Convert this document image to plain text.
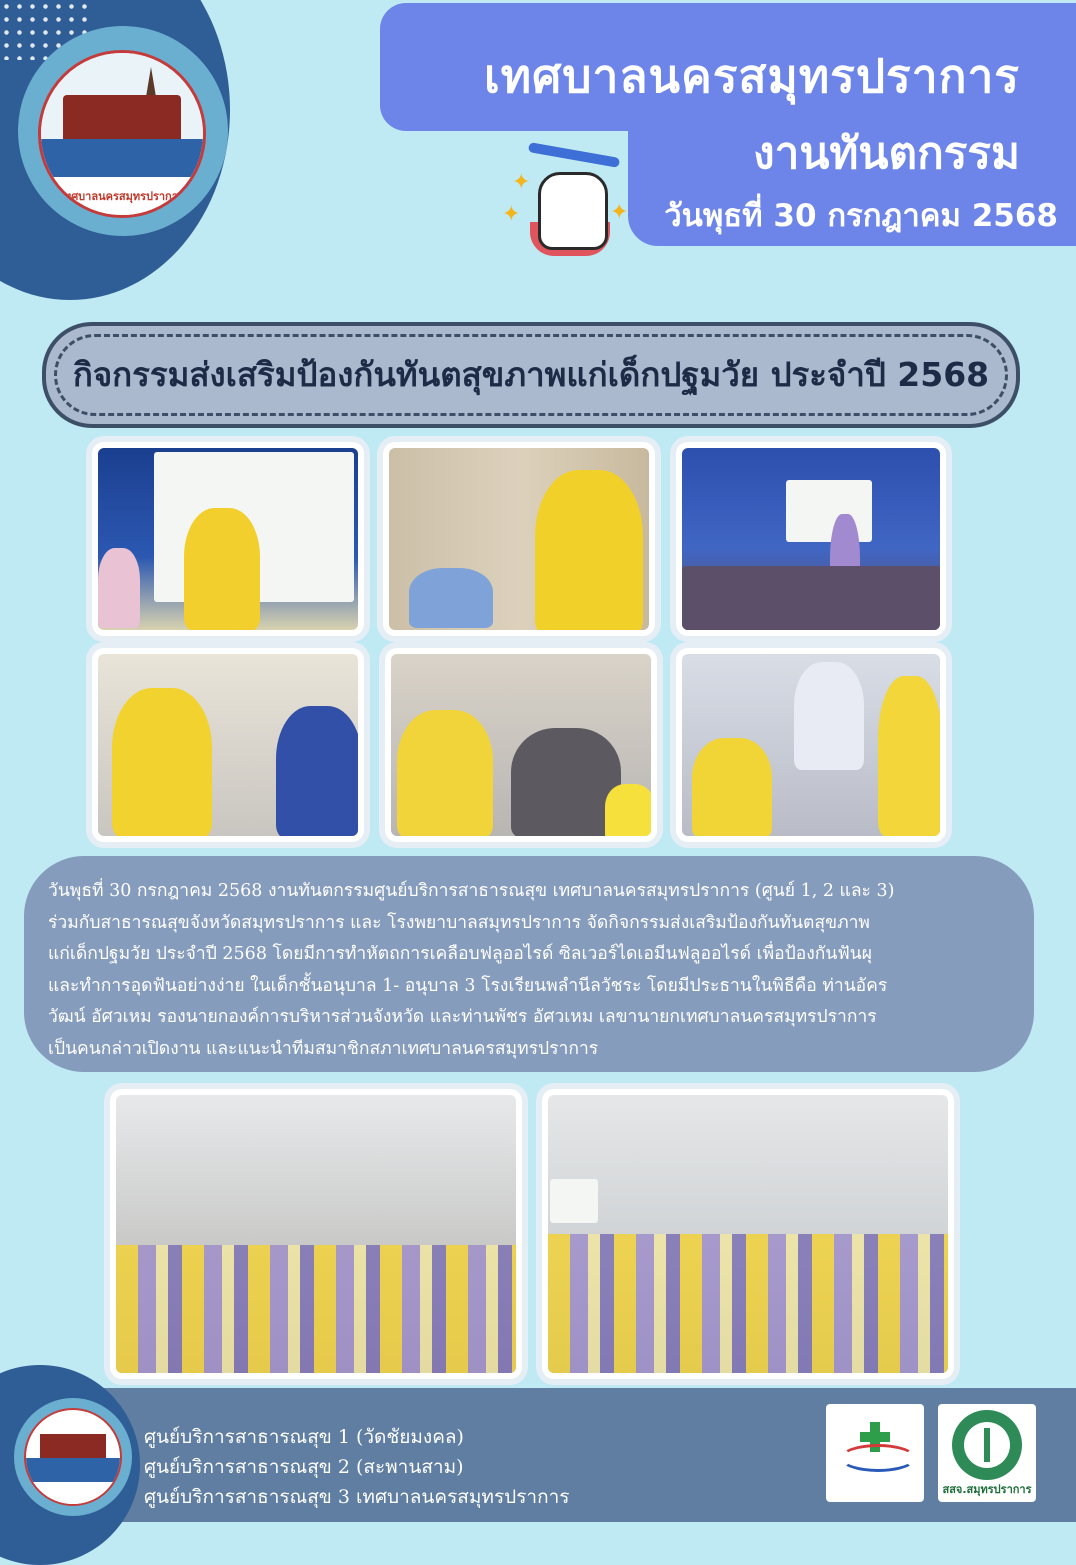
เทศบาลนครสมุทรปราการ
เทศบาลนครสมุทรปราการ
งานทันตกรรม
วันพุธที่ 30 กรกฎาคม 2568
✦
✦	✦
กิจกรรมส่งเสริมป้องกันทันตสุขภาพแก่เด็กปฐมวัย ประจำปี 2568
วันพุธที่ 30 กรกฎาคม 2568 งานทันตกรรมศูนย์บริการสาธารณสุข เทศบาลนครสมุทรปราการ (ศูนย์ 1, 2 และ 3)
ร่วมกับสาธารณสุขจังหวัดสมุทรปราการ และ โรงพยาบาลสมุทรปราการ จัดกิจกรรมส่งเสริมป้องกันทันตสุขภาพ
แก่เด็กปฐมวัย ประจำปี 2568 โดยมีการทำหัตถการเคลือบฟลูออไรด์ ซิลเวอร์ไดเอมีนฟลูออไรด์ เพื่อป้องกันฟันผุ
และทำการอุดฟันอย่างง่าย ในเด็กชั้นอนุบาล 1- อนุบาล 3 โรงเรียนพลำนีลวัชระ โดยมีประธานในพิธีคือ ท่านอัคร
วัฒน์ อัศวเหม รองนายกองค์การบริหารส่วนจังหวัด และท่านพัชร อัศวเหม เลขานายกเทศบาลนครสมุทรปราการ
เป็นคนกล่าวเปิดงาน และแนะนำทีมสมาชิกสภาเทศบาลนครสมุทรปราการ
ศูนย์บริการสาธารณสุข 1 (วัดชัยมงคล)
ศูนย์บริการสาธารณสุข 2 (สะพานสาม)
ศูนย์บริการสาธารณสุข 3 เทศบาลนครสมุทรปราการ	สสจ.สมุทรปราการ
